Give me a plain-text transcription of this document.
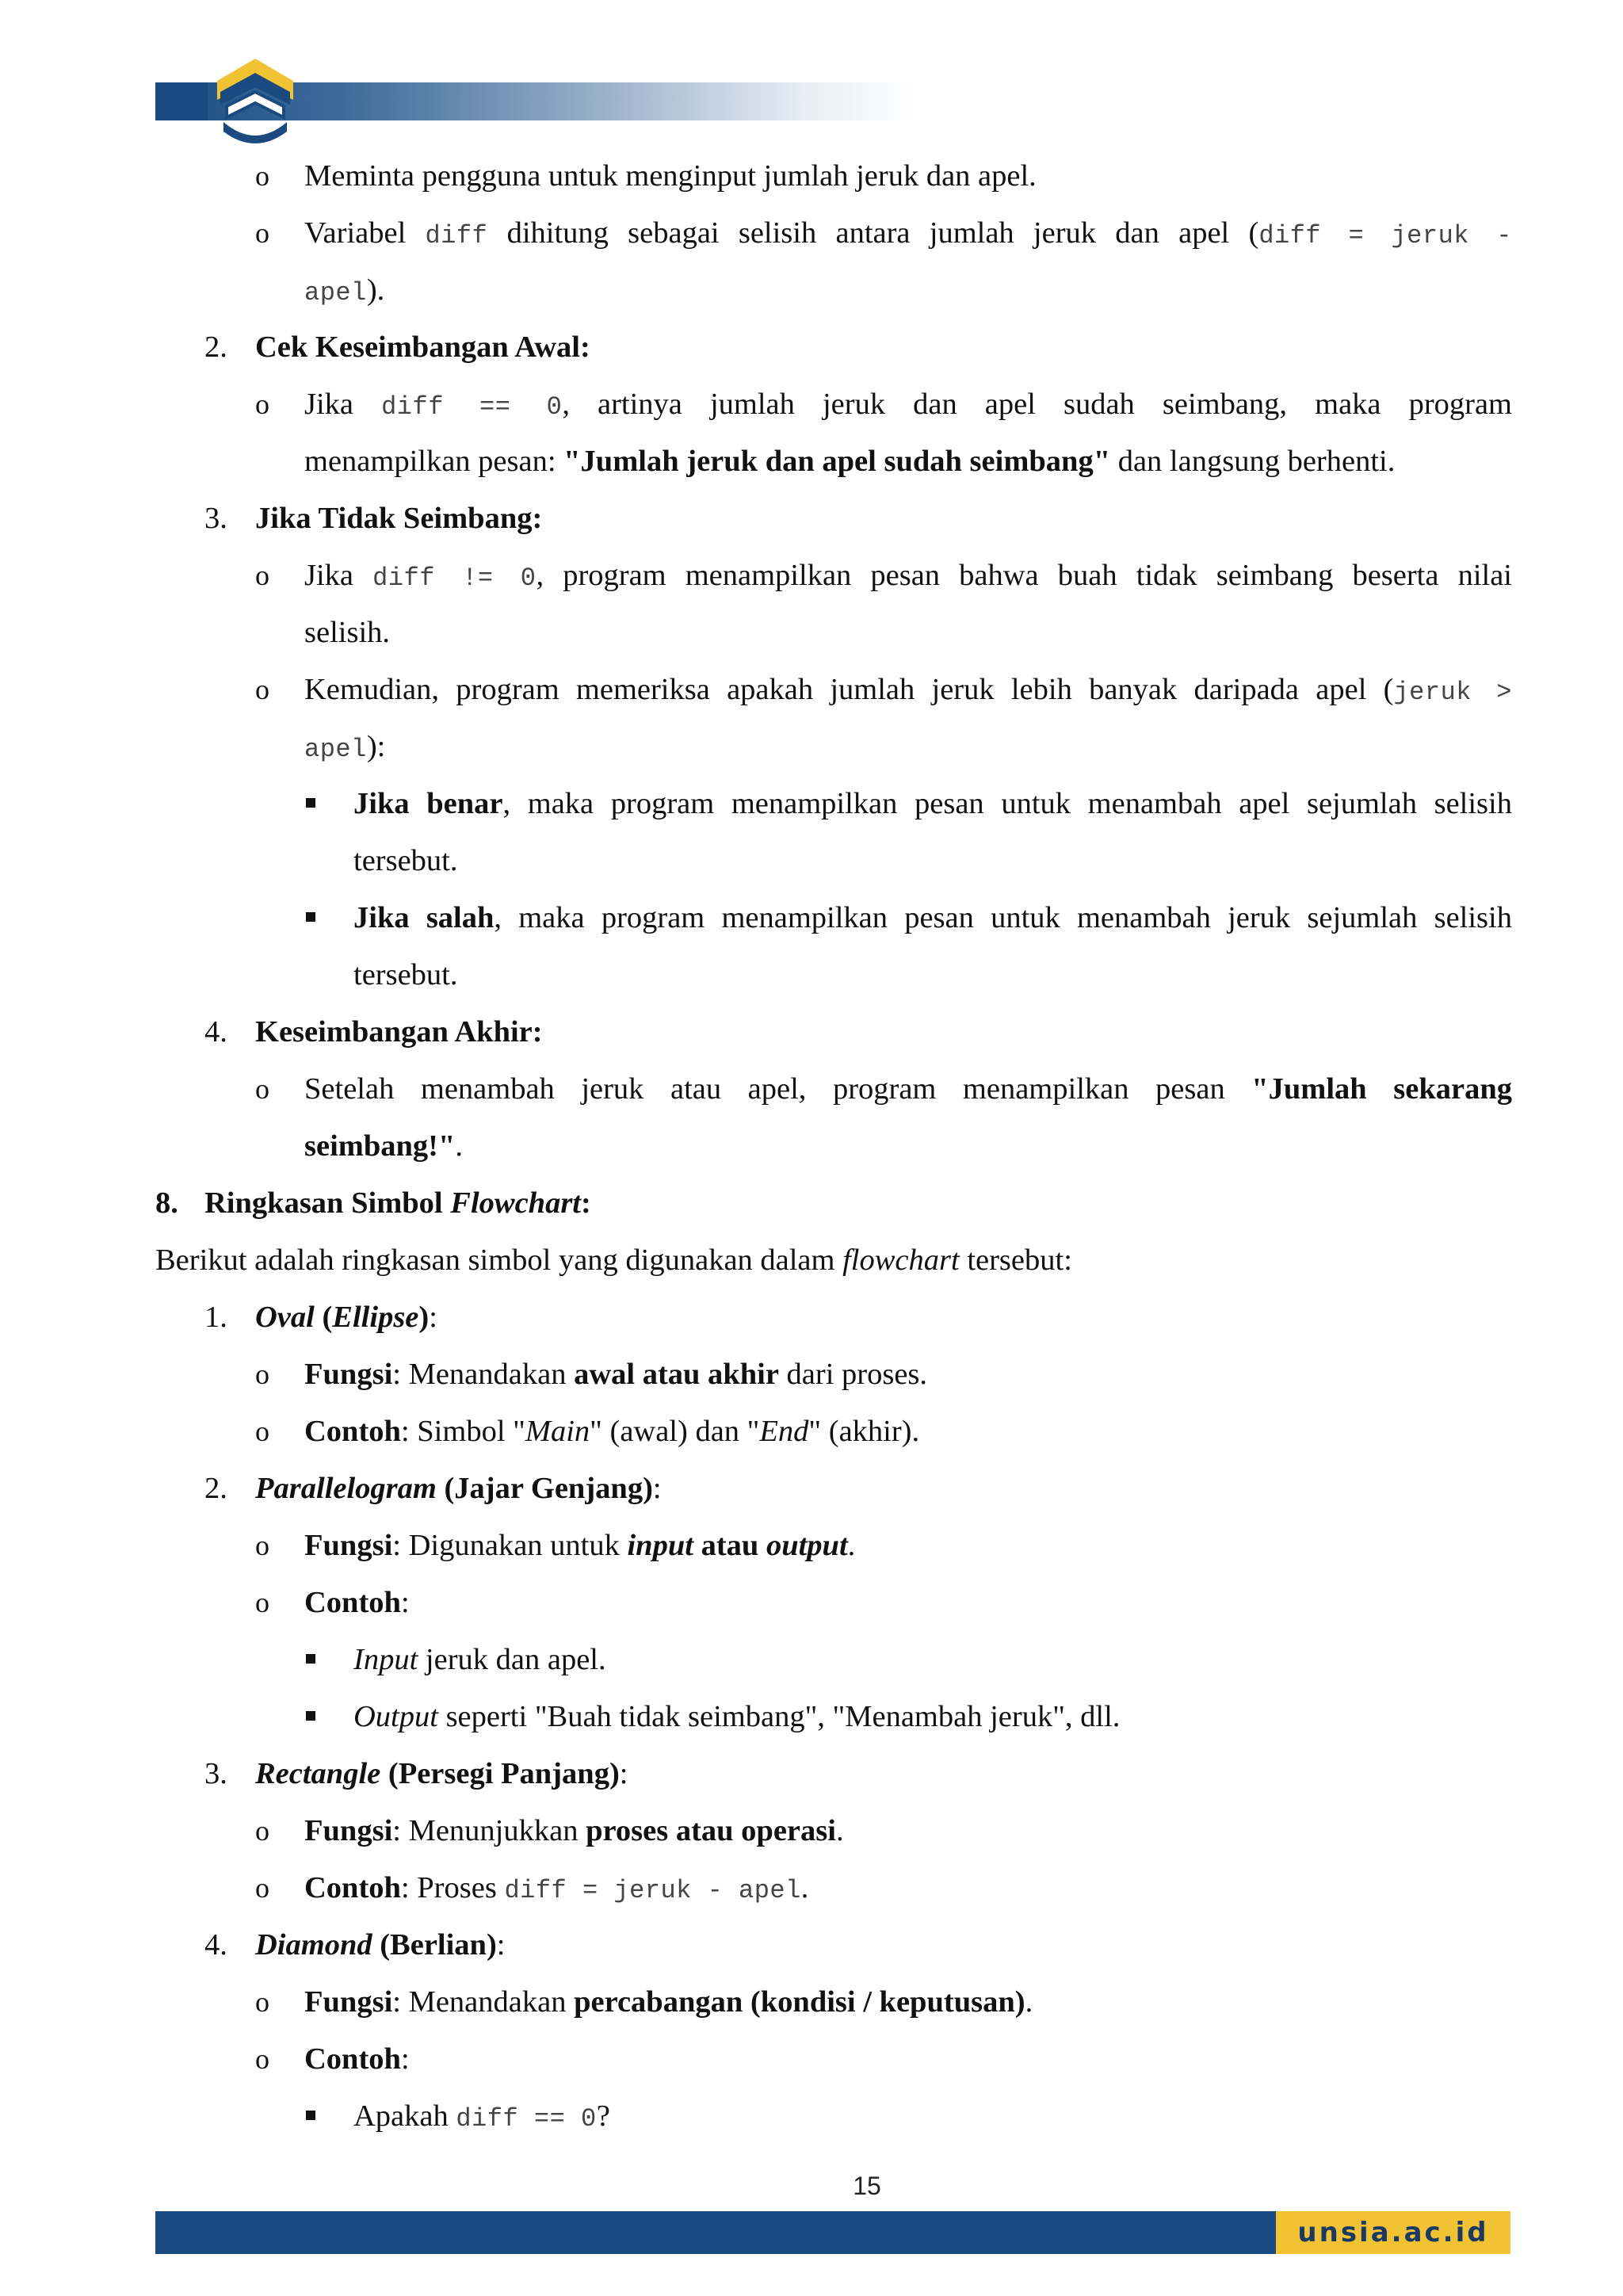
o Meminta pengguna untuk menginput jumlah jeruk dan apel.
o Variabel diff dihitung sebagai selisih antara jumlah jeruk dan apel (diff = jeruk -
apel).
2. Cek Keseimbangan Awal:
o Jika diff == 0, artinya jumlah jeruk dan apel sudah seimbang, maka program
menampilkan pesan: "Jumlah jeruk dan apel sudah seimbang" dan langsung berhenti.
3. Jika Tidak Seimbang:
o Jika diff != 0, program menampilkan pesan bahwa buah tidak seimbang beserta nilai
selisih.
o Kemudian, program memeriksa apakah jumlah jeruk lebih banyak daripada apel (jeruk >
apel):
Jika benar, maka program menampilkan pesan untuk menambah apel sejumlah selisih
tersebut.
Jika salah, maka program menampilkan pesan untuk menambah jeruk sejumlah selisih
tersebut.
4. Keseimbangan Akhir:
o Setelah menambah jeruk atau apel, program menampilkan pesan "Jumlah sekarang
seimbang!".
8. Ringkasan Simbol Flowchart:
Berikut adalah ringkasan simbol yang digunakan dalam flowchart tersebut:
1. Oval (Ellipse):
o Fungsi: Menandakan awal atau akhir dari proses.
o Contoh: Simbol "Main" (awal) dan "End" (akhir).
2. Parallelogram (Jajar Genjang):
o Fungsi: Digunakan untuk input atau output.
o Contoh:
Input jeruk dan apel.
Output seperti "Buah tidak seimbang", "Menambah jeruk", dll.
3. Rectangle (Persegi Panjang):
o Fungsi: Menunjukkan proses atau operasi.
o Contoh: Proses diff = jeruk - apel.
4. Diamond (Berlian):
o Fungsi: Menandakan percabangan (kondisi / keputusan).
o Contoh:
Apakah diff == 0?
15
unsia.ac.id
